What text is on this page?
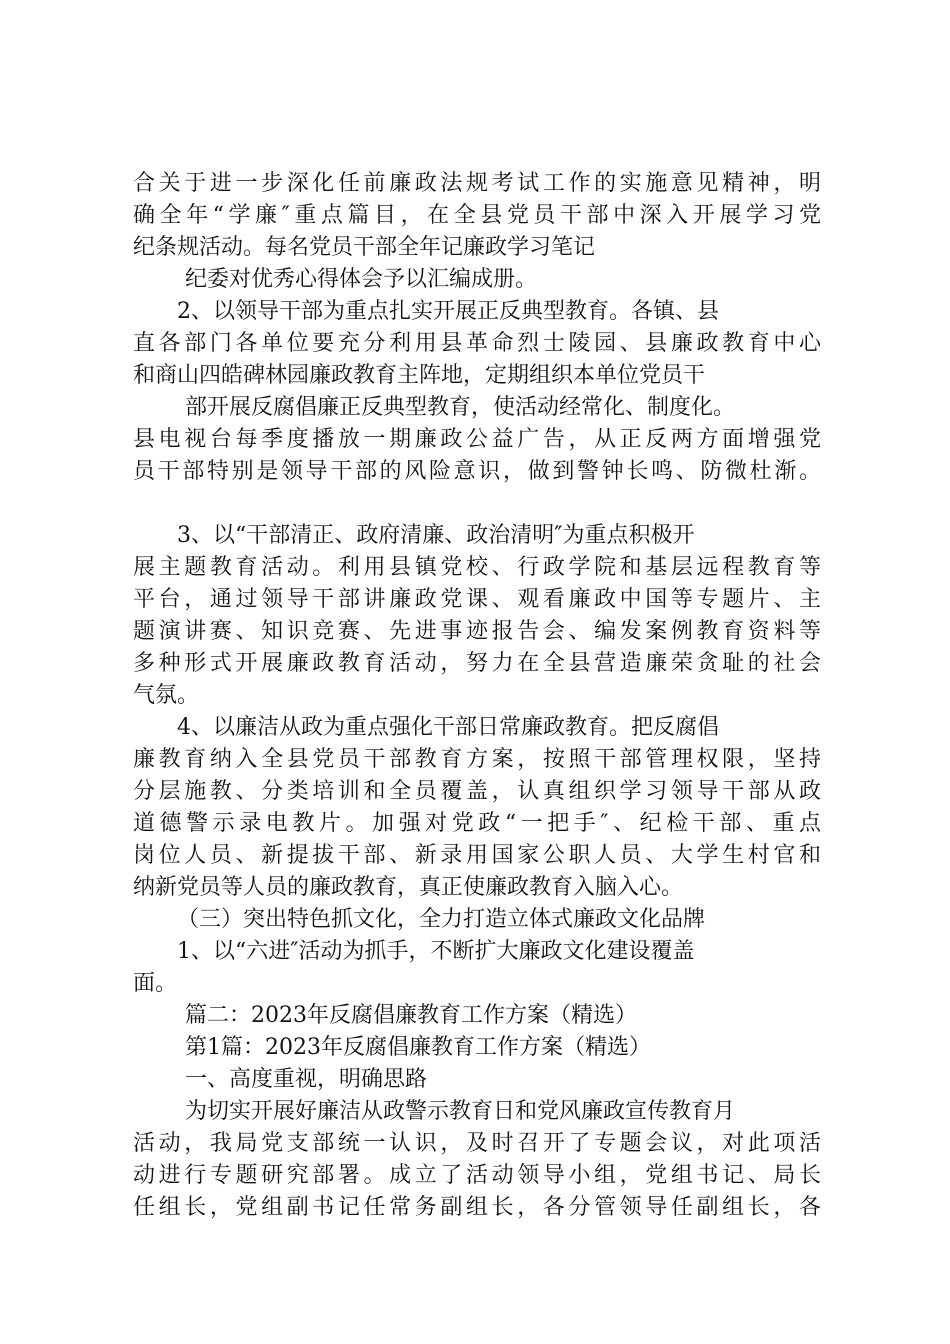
合关于进一步深化任前廉政法规考试工作的实施意见精神，明
确全年“学廉″重点篇目，在全县党员干部中深入开展学习党
纪条规活动。每名党员干部全年记廉政学习笔记
纪委对优秀心得体会予以汇编成册。
2、以领导干部为重点扎实开展正反典型教育。各镇、县
直各部门各单位要充分利用县革命烈士陵园、县廉政教育中心
和商山四皓碑林园廉政教育主阵地，定期组织本单位党员干
部开展反腐倡廉正反典型教育，使活动经常化、制度化。
县电视台每季度播放一期廉政公益广告，从正反两方面增强党
员干部特别是领导干部的风险意识，做到警钟长鸣、防微杜渐。
3、以“干部清正、政府清廉、政治清明″为重点积极开
展主题教育活动。利用县镇党校、行政学院和基层远程教育等
平台，通过领导干部讲廉政党课、观看廉政中国等专题片、主
题演讲赛、知识竞赛、先进事迹报告会、编发案例教育资料等
多种形式开展廉政教育活动，努力在全县营造廉荣贪耻的社会
气氛。
4、以廉洁从政为重点强化干部日常廉政教育。把反腐倡
廉教育纳入全县党员干部教育方案，按照干部管理权限，坚持
分层施教、分类培训和全员覆盖，认真组织学习领导干部从政
道德警示录电教片。加强对党政“一把手″、纪检干部、重点
岗位人员、新提拔干部、新录用国家公职人员、大学生村官和
纳新党员等人员的廉政教育，真正使廉政教育入脑入心。
（三）突出特色抓文化，全力打造立体式廉政文化品牌
1、以“六进″活动为抓手，不断扩大廉政文化建设覆盖
面。
篇二：2023年反腐倡廉教育工作方案（精选）
第1篇：2023年反腐倡廉教育工作方案（精选）
一、高度重视，明确思路
为切实开展好廉洁从政警示教育日和党风廉政宣传教育月
活动，我局党支部统一认识，及时召开了专题会议，对此项活
动进行专题研究部署。成立了活动领导小组，党组书记、局长
任组长，党组副书记任常务副组长，各分管领导任副组长，各
